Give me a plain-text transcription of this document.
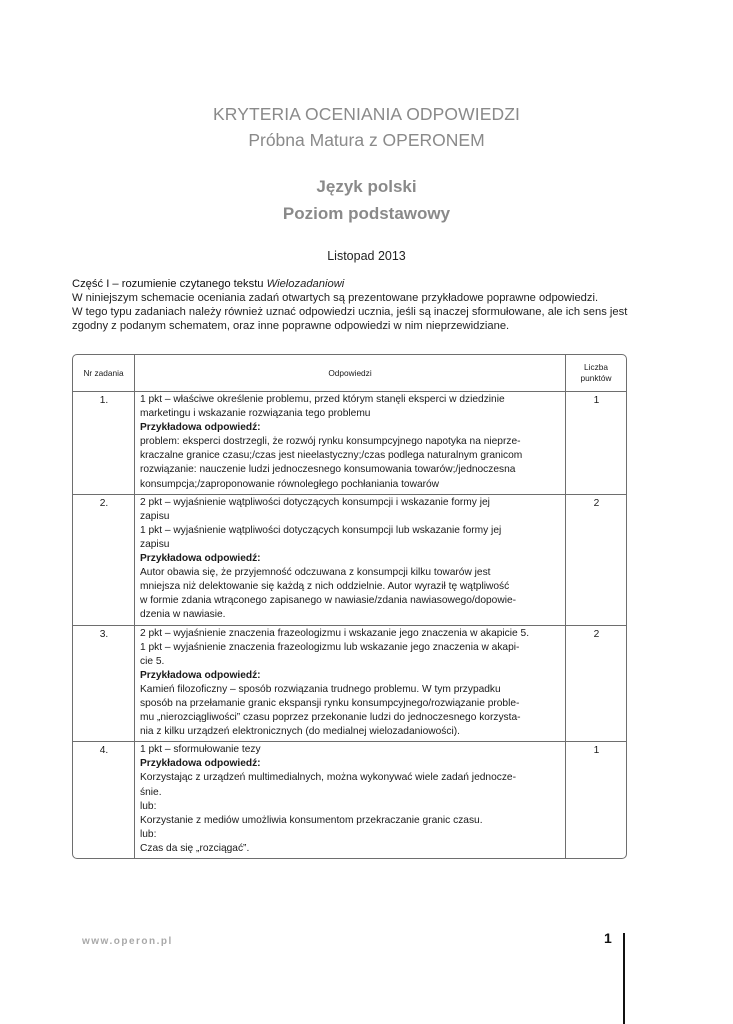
KRYTERIA OCENIANIA ODPOWIEDZI
Próbna Matura z OPERONEM
Język polski
Poziom podstawowy
Listopad 2013
Część I – rozumienie czytanego tekstu Wielozadaniowi
W niniejszym schemacie oceniania zadań otwartych są prezentowane przykładowe poprawne odpowiedzi.
W tego typu zadaniach należy również uznać odpowiedzi ucznia, jeśli są inaczej sformułowane, ale ich sens jest zgodny z podanym schematem, oraz inne poprawne odpowiedzi w nim nieprzewidziane.
Nr zadania	Odpowiedzi
Liczba punktów
1.	1 pkt – właściwe określenie problemu, przed którym stanęli eksperci w dziedzinie
marketingu i wskazanie rozwiązania tego problemu
Przykładowa odpowiedź:
problem: eksperci dostrzegli, że rozwój rynku konsumpcyjnego napotyka na nieprze-
kraczalne granice czasu;/czas jest nieelastyczny;/czas podlega naturalnym granicom
rozwiązanie: nauczenie ludzi jednoczesnego konsumowania towarów;/jednoczesna
konsumpcja;/zaproponowanie równoległego pochłaniania towarów
1
2.	2 pkt – wyjaśnienie wątpliwości dotyczących konsumpcji i wskazanie formy jej
zapisu
1 pkt – wyjaśnienie wątpliwości dotyczących konsumpcji lub wskazanie formy jej
zapisu
Przykładowa odpowiedź:
Autor obawia się, że przyjemność odczuwana z konsumpcji kilku towarów jest
mniejsza niż delektowanie się każdą z nich oddzielnie. Autor wyraził tę wątpliwość
w formie zdania wtrąconego zapisanego w nawiasie/zdania nawiasowego/dopowie-
dzenia w nawiasie.
2
3.	2 pkt – wyjaśnienie znaczenia frazeologizmu i wskazanie jego znaczenia w akapicie 5.
1 pkt – wyjaśnienie znaczenia frazeologizmu lub wskazanie jego znaczenia w akapi-
cie 5.
Przykładowa odpowiedź:
Kamień filozoficzny – sposób rozwiązania trudnego problemu. W tym przypadku
sposób na przełamanie granic ekspansji rynku konsumpcyjnego/rozwiązanie proble-
mu „nierozciągliwości” czasu poprzez przekonanie ludzi do jednoczesnego korzysta-
nia z kilku urządzeń elektronicznych (do medialnej wielozadaniowości).
2
4.	1 pkt – sformułowanie tezy
Przykładowa odpowiedź:
Korzystając z urządzeń multimedialnych, można wykonywać wiele zadań jednocze-
śnie.
lub:
Korzystanie z mediów umożliwia konsumentom przekraczanie granic czasu.
lub:
Czas da się „rozciągać”.
1
www.operon.pl	1
